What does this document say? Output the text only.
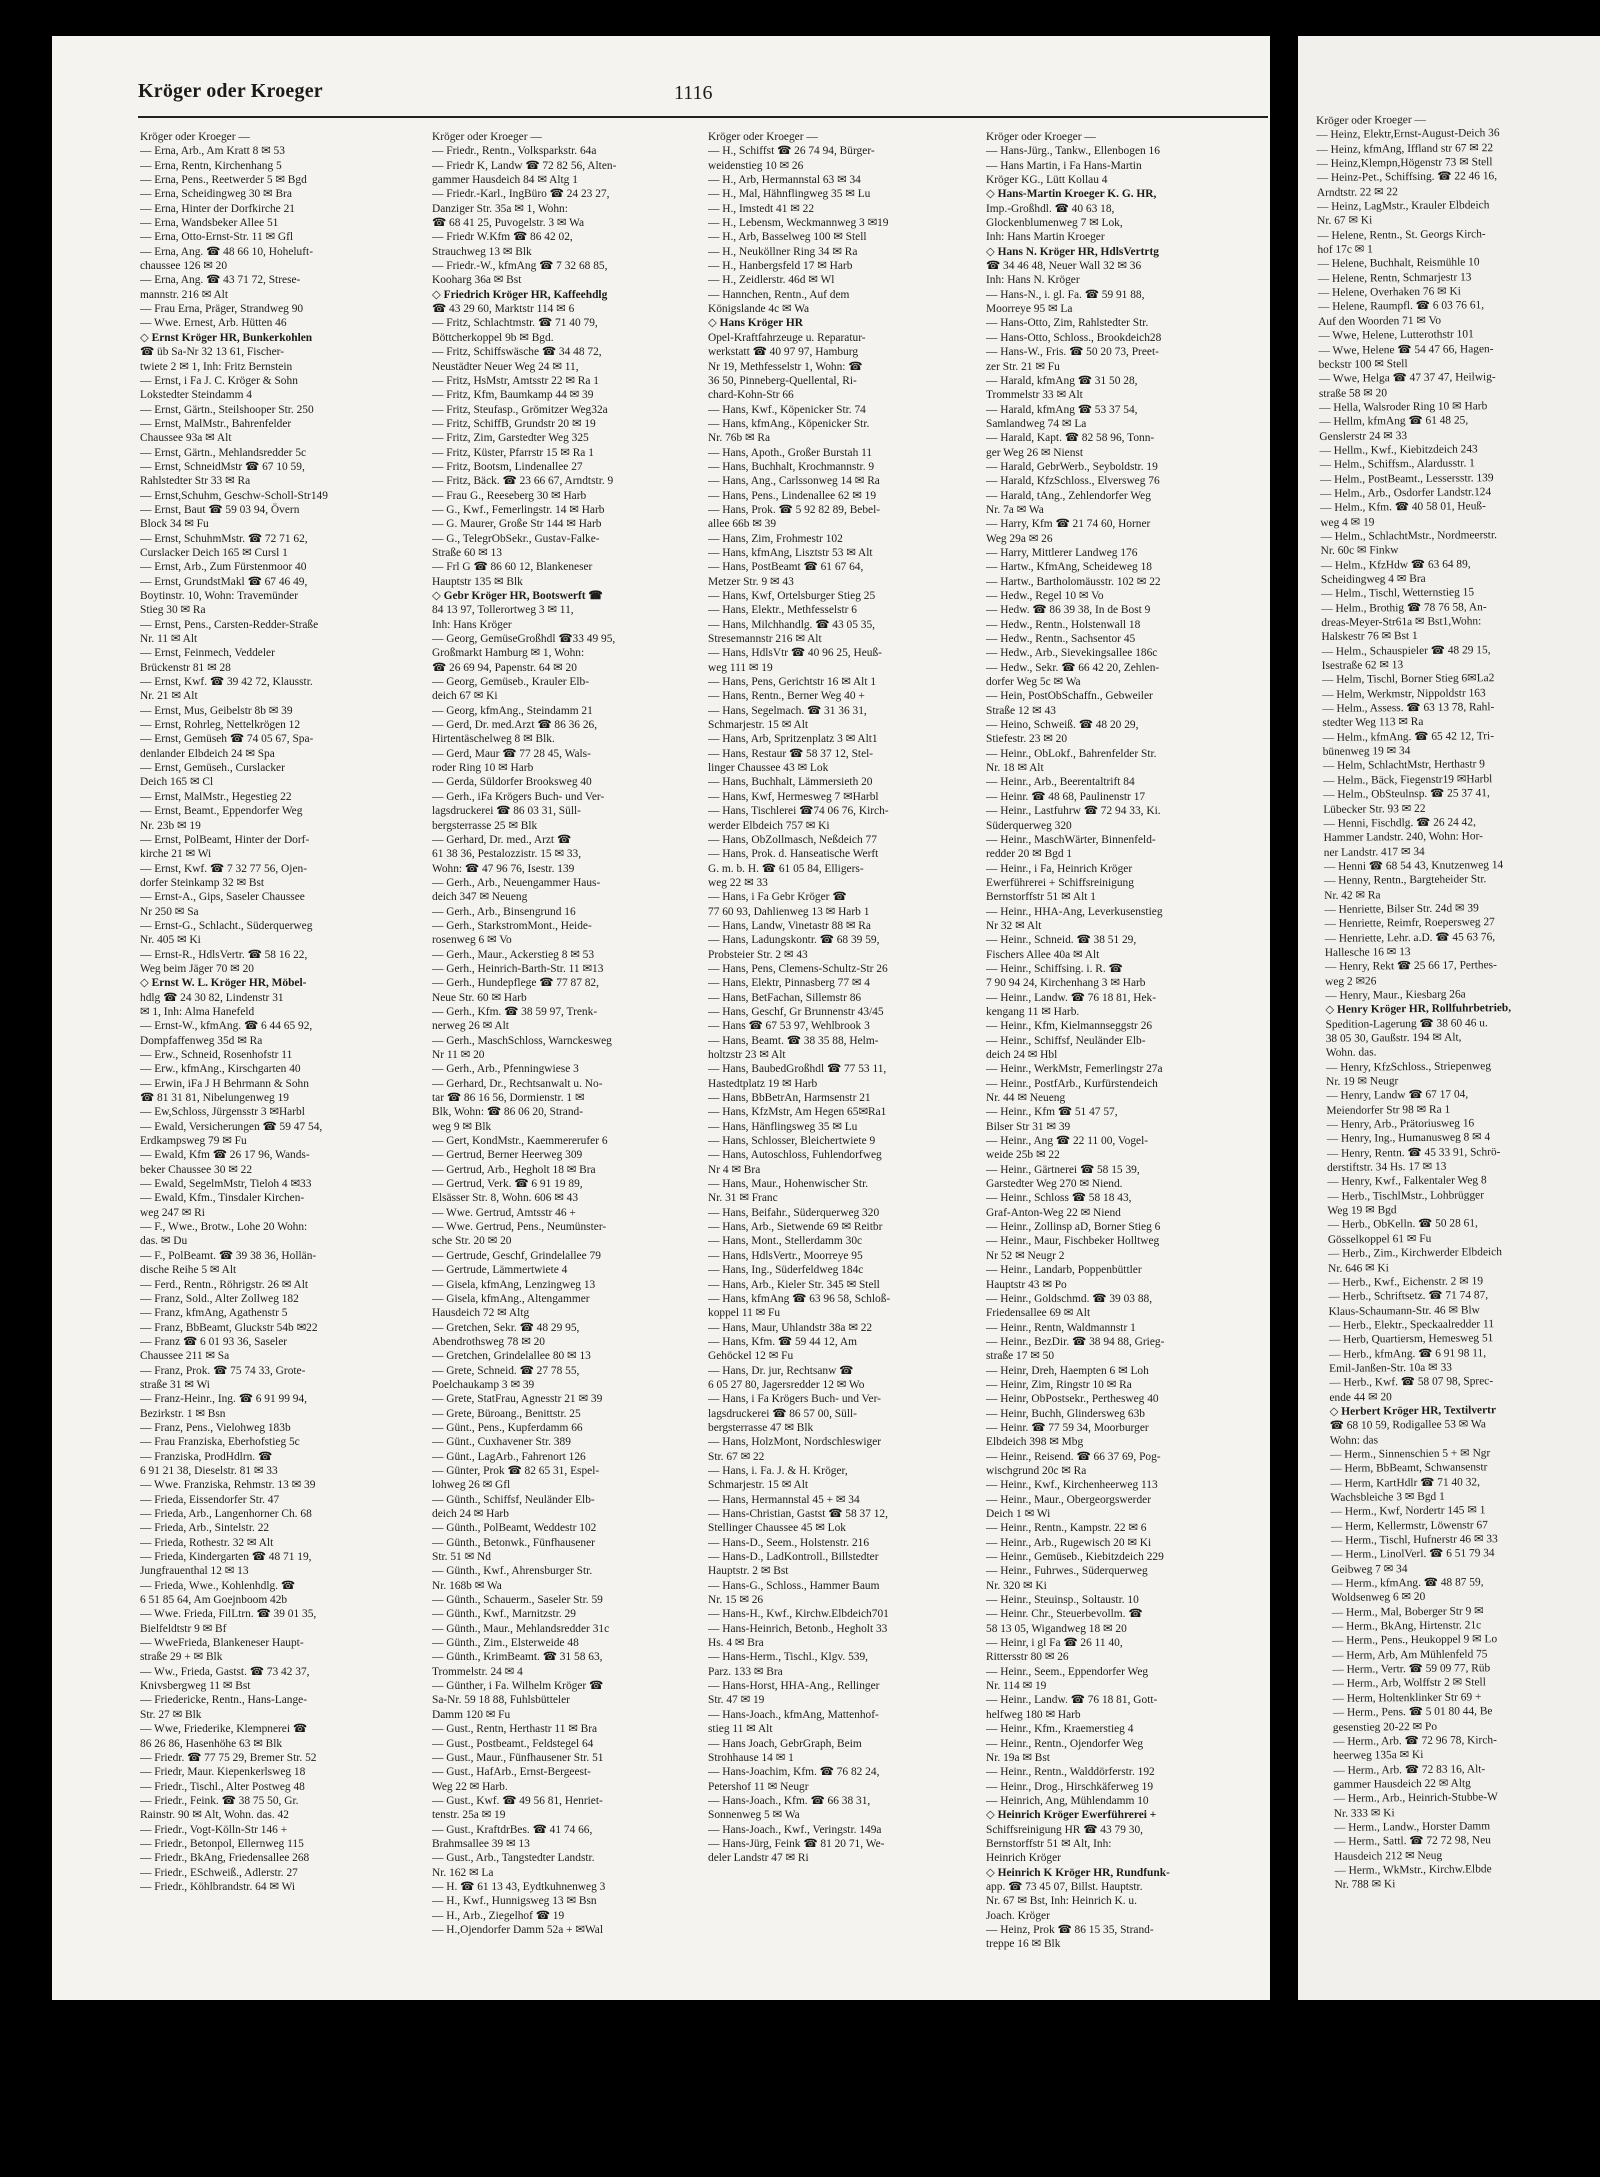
Kröger oder Kroeger	1116
Kröger oder Kroeger —
— Erna, Arb., Am Kratt 8 ✉ 53
— Erna, Rentn, Kirchenhang 5
— Erna, Pens., Reetwerder 5 ✉ Bgd
— Erna, Scheidingweg 30 ✉ Bra
— Erna, Hinter der Dorfkirche 21
— Erna, Wandsbeker Allee 51
— Erna, Otto-Ernst-Str. 11 ✉ Gfl
— Erna, Ang. ☎ 48 66 10, Hoheluft-
chaussee 126 ✉ 20
— Erna, Ang. ☎ 43 71 72, Strese-
mannstr. 216 ✉ Alt
— Frau Erna, Präger, Strandweg 90
— Wwe. Ernest, Arb. Hütten 46
◇ Ernst Kröger HR, Bunkerkohlen
☎ üb Sa-Nr 32 13 61, Fischer-
twiete 2 ✉ 1, Inh: Fritz Bernstein
— Ernst, i Fa J. C. Kröger & Sohn
Lokstedter Steindamm 4
— Ernst, Gärtn., Steilshooper Str. 250
— Ernst, MalMstr., Bahrenfelder
Chaussee 93a ✉ Alt
— Ernst, Gärtn., Mehlandsredder 5c
— Ernst, SchneidMstr ☎ 67 10 59,
Rahlstedter Str 33 ✉ Ra
— Ernst,Schuhm, Geschw-Scholl-Str149
— Ernst, Baut ☎ 59 03 94, Övern
Block 34 ✉ Fu
— Ernst, SchuhmMstr. ☎ 72 71 62,
Curslacker Deich 165 ✉ Cursl 1
— Ernst, Arb., Zum Fürstenmoor 40
— Ernst, GrundstMakl ☎ 67 46 49,
Boytinstr. 10, Wohn: Travemünder
Stieg 30 ✉ Ra
— Ernst, Pens., Carsten-Redder-Straße
Nr. 11 ✉ Alt
— Ernst, Feinmech, Veddeler
Brückenstr 81 ✉ 28
— Ernst, Kwf. ☎ 39 42 72, Klausstr.
Nr. 21 ✉ Alt
— Ernst, Mus, Geibelstr 8b ✉ 39
— Ernst, Rohrleg, Nettelkrögen 12
— Ernst, Gemüseh ☎ 74 05 67, Spa-
denlander Elbdeich 24 ✉ Spa
— Ernst, Gemüseh., Curslacker
Deich 165 ✉ Cl
— Ernst, MalMstr., Hegestieg 22
— Ernst, Beamt., Eppendorfer Weg
Nr. 23b ✉ 19
— Ernst, PolBeamt, Hinter der Dorf-
kirche 21 ✉ Wi
— Ernst, Kwf. ☎ 7 32 77 56, Ojen-
dorfer Steinkamp 32 ✉ Bst
— Ernst-A., Gips, Saseler Chaussee
Nr 250 ✉ Sa
— Ernst-G., Schlacht., Süderquerweg
Nr. 405 ✉ Ki
— Ernst-R., HdlsVertr. ☎ 58 16 22,
Weg beim Jäger 70 ✉ 20
◇ Ernst W. L. Kröger HR, Möbel-
hdlg ☎ 24 30 82, Lindenstr 31
✉ 1, Inh: Alma Hanefeld
— Ernst-W., kfmAng. ☎ 6 44 65 92,
Dompfaffenweg 35d ✉ Ra
— Erw., Schneid, Rosenhofstr 11
— Erw., kfmAng., Kirschgarten 40
— Erwin, iFa J H Behrmann & Sohn
☎ 81 31 81, Nibelungenweg 19
— Ew,Schloss, Jürgensstr 3 ✉Harbl
— Ewald, Versicherungen ☎ 59 47 54,
Erdkampsweg 79 ✉ Fu
— Ewald, Kfm ☎ 26 17 96, Wands-
beker Chaussee 30 ✉ 22
— Ewald, SegelmMstr, Tieloh 4 ✉33
— Ewald, Kfm., Tinsdaler Kirchen-
weg 247 ✉ Ri
— F., Wwe., Brotw., Lohe 20 Wohn:
das. ✉ Du
— F., PolBeamt. ☎ 39 38 36, Hollän-
dische Reihe 5 ✉ Alt
— Ferd., Rentn., Röhrigstr. 26 ✉ Alt
— Franz, Sold., Alter Zollweg 182
— Franz, kfmAng, Agathenstr 5
— Franz, BbBeamt, Gluckstr 54b ✉22
— Franz ☎ 6 01 93 36, Saseler
Chaussee 211 ✉ Sa
— Franz, Prok. ☎ 75 74 33, Grote-
straße 31 ✉ Wi
— Franz-Heinr., Ing. ☎ 6 91 99 94,
Bezirkstr. 1 ✉ Bsn
— Franz, Pens., Vielohweg 183b
— Frau Franziska, Eberhofstieg 5c
— Franziska, ProdHdlrn. ☎
6 91 21 38, Dieselstr. 81 ✉ 33
— Wwe. Franziska, Rehmstr. 13 ✉ 39
— Frieda, Eissendorfer Str. 47
— Frieda, Arb., Langenhorner Ch. 68
— Frieda, Arb., Sintelstr. 22
— Frieda, Rothestr. 32 ✉ Alt
— Frieda, Kindergarten ☎ 48 71 19,
Jungfrauenthal 12 ✉ 13
— Frieda, Wwe., Kohlenhdlg. ☎
6 51 85 64, Am Goejnboom 42b
— Wwe. Frieda, FilLtrn. ☎ 39 01 35,
Bielfeldtstr 9 ✉ Bf
— WweFrieda, Blankeneser Haupt-
straße 29 + ✉ Blk
— Ww., Frieda, Gastst. ☎ 73 42 37,
Knivsbergweg 11 ✉ Bst
— Friedericke, Rentn., Hans-Lange-
Str. 27 ✉ Blk
— Wwe, Friederike, Klempnerei ☎
86 26 86, Hasenhöhe 63 ✉ Blk
— Friedr. ☎ 77 75 29, Bremer Str. 52
— Friedr, Maur. Kiepenkerlsweg 18
— Friedr., Tischl., Alter Postweg 48
— Friedr., Feink. ☎ 38 75 50, Gr.
Rainstr. 90 ✉ Alt, Wohn. das. 42
— Friedr., Vogt-Kölln-Str 146 +
— Friedr., Betonpol, Ellernweg 115
— Friedr., BkAng, Friedensallee 268
— Friedr., ESchweiß., Adlerstr. 27
— Friedr., Köhlbrandstr. 64 ✉ Wi
Kröger oder Kroeger —
— Friedr., Rentn., Volksparkstr. 64a
— Friedr K, Landw ☎ 72 82 56, Alten-
gammer Hausdeich 84 ✉ Altg 1
— Friedr.-Karl., IngBüro ☎ 24 23 27,
Danziger Str. 35a ✉ 1, Wohn:
☎ 68 41 25, Puvogelstr. 3 ✉ Wa
— Friedr W.Kfm ☎ 86 42 02,
Strauchweg 13 ✉ Blk
— Friedr.-W., kfmAng ☎ 7 32 68 85,
Kooharg 36a ✉ Bst
◇ Friedrich Kröger HR, Kaffeehdlg
☎ 43 29 60, Marktstr 114 ✉ 6
— Fritz, Schlachtmstr. ☎ 71 40 79,
Böttcherkoppel 9b ✉ Bgd.
— Fritz, Schiffswäsche ☎ 34 48 72,
Neustädter Neuer Weg 24 ✉ 11,
— Fritz, HsMstr, Amtsstr 22 ✉ Ra 1
— Fritz, Kfm, Baumkamp 44 ✉ 39
— Fritz, Steufasp., Grömitzer Weg32a
— Fritz, SchiffB, Grundstr 20 ✉ 19
— Fritz, Zim, Garstedter Weg 325
— Fritz, Küster, Pfarrstr 15 ✉ Ra 1
— Fritz, Bootsm, Lindenallee 27
— Fritz, Bäck. ☎ 23 66 67, Arndtstr. 9
— Frau G., Reeseberg 30 ✉ Harb
— G., Kwf., Femerlingstr. 14 ✉ Harb
— G. Maurer, Große Str 144 ✉ Harb
— G., TelegrObSekr., Gustav-Falke-
Straße 60 ✉ 13
— Frl G ☎ 86 60 12, Blankeneser
Hauptstr 135 ✉ Blk
◇ Gebr Kröger HR, Bootswerft ☎
84 13 97, Tollerortweg 3 ✉ 11,
Inh: Hans Kröger
— Georg, GemüseGroßhdl ☎33 49 95,
Großmarkt Hamburg ✉ 1, Wohn:
☎ 26 69 94, Papenstr. 64 ✉ 20
— Georg, Gemüseb., Krauler Elb-
deich 67 ✉ Ki
— Georg, kfmAng., Steindamm 21
— Gerd, Dr. med.Arzt ☎ 86 36 26,
Hirtentäschelweg 8 ✉ Blk.
— Gerd, Maur ☎ 77 28 45, Wals-
roder Ring 10 ✉ Harb
— Gerda, Süldorfer Brooksweg 40
— Gerh., iFa Krögers Buch- und Ver-
lagsdruckerei ☎ 86 03 31, Süll-
bergsterrasse 25 ✉ Blk
— Gerhard, Dr. med., Arzt ☎
61 38 36, Pestalozzistr. 15 ✉ 33,
Wohn: ☎ 47 96 76, Isestr. 139
— Gerh., Arb., Neuengammer Haus-
deich 347 ✉ Neueng
— Gerh., Arb., Binsengrund 16
— Gerh., StarkstromMont., Heide-
rosenweg 6 ✉ Vo
— Gerh., Maur., Ackerstieg 8 ✉ 53
— Gerh., Heinrich-Barth-Str. 11 ✉13
— Gerh., Hundepflege ☎ 77 87 82,
Neue Str. 60 ✉ Harb
— Gerh., Kfm. ☎ 38 59 97, Trenk-
nerweg 26 ✉ Alt
— Gerh., MaschSchloss, Warnckesweg
Nr 11 ✉ 20
— Gerh., Arb., Pfenningwiese 3
— Gerhard, Dr., Rechtsanwalt u. No-
tar ☎ 86 16 56, Dormienstr. 1 ✉
Blk, Wohn: ☎ 86 06 20, Strand-
weg 9 ✉ Blk
— Gert, KondMstr., Kaemmererufer 6
— Gertrud, Berner Heerweg 309
— Gertrud, Arb., Hegholt 18 ✉ Bra
— Gertrud, Verk. ☎ 6 91 19 89,
Elsässer Str. 8, Wohn. 606 ✉ 43
— Wwe. Gertrud, Amtsstr 46 +
— Wwe. Gertrud, Pens., Neumünster-
sche Str. 20 ✉ 20
— Gertrude, Geschf, Grindelallee 79
— Gertrude, Lämmertwiete 4
— Gisela, kfmAng, Lenzingweg 13
— Gisela, kfmAng., Altengammer
Hausdeich 72 ✉ Altg
— Gretchen, Sekr. ☎ 48 29 95,
Abendrothsweg 78 ✉ 20
— Gretchen, Grindelallee 80 ✉ 13
— Grete, Schneid. ☎ 27 78 55,
Poelchaukamp 3 ✉ 39
— Grete, StatFrau, Agnesstr 21 ✉ 39
— Grete, Büroang., Benittstr. 25
— Günt., Pens., Kupferdamm 66
— Günt., Cuxhavener Str. 389
— Günt., LagArb., Fahrenort 126
— Günter, Prok ☎ 82 65 31, Espel-
lohweg 26 ✉ Gfl
— Günth., Schiffsf, Neuländer Elb-
deich 24 ✉ Harb
— Günth., PolBeamt, Weddestr 102
— Günth., Betonwk., Fünfhausener
Str. 51 ✉ Nd
— Günth., Kwf., Ahrensburger Str.
Nr. 168b ✉ Wa
— Günth., Schauerm., Saseler Str. 59
— Günth., Kwf., Marnitzstr. 29
— Günth., Maur., Mehlandsredder 31c
— Günth., Zim., Elsterweide 48
— Günth., KrimBeamt. ☎ 31 58 63,
Trommelstr. 24 ✉ 4
— Günther, i Fa. Wilhelm Kröger ☎
Sa-Nr. 59 18 88, Fuhlsbütteler
Damm 120 ✉ Fu
— Gust., Rentn, Herthastr 11 ✉ Bra
— Gust., Postbeamt., Feldstegel 64
— Gust., Maur., Fünfhausener Str. 51
— Gust., HafArb., Ernst-Bergeest-
Weg 22 ✉ Harb.
— Gust., Kwf. ☎ 49 56 81, Henriet-
tenstr. 25a ✉ 19
— Gust., KraftdrBes. ☎ 41 74 66,
Brahmsallee 39 ✉ 13
— Gust., Arb., Tangstedter Landstr.
Nr. 162 ✉ La
— H. ☎ 61 13 43, Eydtkuhnenweg 3
— H., Kwf., Hunnigsweg 13 ✉ Bsn
— H., Arb., Ziegelhof ☎ 19
— H.,Ojendorfer Damm 52a + ✉Wal
Kröger oder Kroeger —
— H., Schiffst ☎ 26 74 94, Bürger-
weidenstieg 10 ✉ 26
— H., Arb, Hermannstal 63 ✉ 34
— H., Mal, Hähnflingweg 35 ✉ Lu
— H., Imstedt 41 ✉ 22
— H., Lebensm, Weckmannweg 3 ✉19
— H., Arb, Basselweg 100 ✉ Stell
— H., Neuköllner Ring 34 ✉ Ra
— H., Hanbergsfeld 17 ✉ Harb
— H., Zeidlerstr. 46d ✉ Wl
— Hannchen, Rentn., Auf dem
Königslande 4c ✉ Wa
◇ Hans Kröger HR
Opel-Kraftfahrzeuge u. Reparatur-
werkstatt ☎ 40 97 97, Hamburg
Nr 19, Methfesselstr 1, Wohn: ☎
36 50, Pinneberg-Quellental, Ri-
chard-Kohn-Str 66
— Hans, Kwf., Köpenicker Str. 74
— Hans, kfmAng., Köpenicker Str.
Nr. 76b ✉ Ra
— Hans, Apoth., Großer Burstah 11
— Hans, Buchhalt, Krochmannstr. 9
— Hans, Ang., Carlssonweg 14 ✉ Ra
— Hans, Pens., Lindenallee 62 ✉ 19
— Hans, Prok. ☎ 5 92 82 89, Bebel-
allee 66b ✉ 39
— Hans, Zim, Frohmestr 102
— Hans, kfmAng, Lisztstr 53 ✉ Alt
— Hans, PostBeamt ☎ 61 67 64,
Metzer Str. 9 ✉ 43
— Hans, Kwf, Ortelsburger Stieg 25
— Hans, Elektr., Methfesselstr 6
— Hans, Milchhandlg. ☎ 43 05 35,
Stresemannstr 216 ✉ Alt
— Hans, HdlsVtr ☎ 40 96 25, Heuß-
weg 111 ✉ 19
— Hans, Pens, Gerichtstr 16 ✉ Alt 1
— Hans, Rentn., Berner Weg 40 +
— Hans, Segelmach. ☎ 31 36 31,
Schmarjestr. 15 ✉ Alt
— Hans, Arb, Spritzenplatz 3 ✉ Alt1
— Hans, Restaur ☎ 58 37 12, Stel-
linger Chaussee 43 ✉ Lok
— Hans, Buchhalt, Lämmersieth 20
— Hans, Kwf, Hermesweg 7 ✉Harbl
— Hans, Tischlerei ☎74 06 76, Kirch-
werder Elbdeich 757 ✉ Ki
— Hans, ObZollmasch, Neßdeich 77
— Hans, Prok. d. Hanseatische Werft
G. m. b. H. ☎ 61 05 84, Elligers-
weg 22 ✉ 33
— Hans, i Fa Gebr Kröger ☎
77 60 93, Dahlienweg 13 ✉ Harb 1
— Hans, Landw, Vinetastr 88 ✉ Ra
— Hans, Ladungskontr. ☎ 68 39 59,
Probsteier Str. 2 ✉ 43
— Hans, Pens, Clemens-Schultz-Str 26
— Hans, Elektr, Pinnasberg 77 ✉ 4
— Hans, BetFachan, Sillemstr 86
— Hans, Geschf, Gr Brunnenstr 43/45
— Hans ☎ 67 53 97, Wehlbrook 3
— Hans, Beamt. ☎ 38 35 88, Helm-
holtzstr 23 ✉ Alt
— Hans, BaubedGroßhdl ☎ 77 53 11,
Hastedtplatz 19 ✉ Harb
— Hans, BbBetrAn, Harmsenstr 21
— Hans, KfzMstr, Am Hegen 65✉Ra1
— Hans, Hänflingsweg 35 ✉ Lu
— Hans, Schlosser, Bleichertwiete 9
— Hans, Autoschloss, Fuhlendorfweg
Nr 4 ✉ Bra
— Hans, Maur., Hohenwischer Str.
Nr. 31 ✉ Franc
— Hans, Beifahr., Süderquerweg 320
— Hans, Arb., Sietwende 69 ✉ Reitbr
— Hans, Mont., Stellerdamm 30c
— Hans, HdlsVertr., Moorreye 95
— Hans, Ing., Süderfeldweg 184c
— Hans, Arb., Kieler Str. 345 ✉ Stell
— Hans, kfmAng ☎ 63 96 58, Schloß-
koppel 11 ✉ Fu
— Hans, Maur, Uhlandstr 38a ✉ 22
— Hans, Kfm. ☎ 59 44 12, Am
Gehöckel 12 ✉ Fu
— Hans, Dr. jur, Rechtsanw ☎
6 05 27 80, Jagersredder 12 ✉ Wo
— Hans, i Fa Krögers Buch- und Ver-
lagsdruckerei ☎ 86 57 00, Süll-
bergsterrasse 47 ✉ Blk
— Hans, HolzMont, Nordschleswiger
Str. 67 ✉ 22
— Hans, i. Fa. J. & H. Kröger,
Schmarjestr. 15 ✉ Alt
— Hans, Hermannstal 45 + ✉ 34
— Hans-Christian, Gastst ☎ 58 37 12,
Stellinger Chaussee 45 ✉ Lok
— Hans-D., Seem., Holstenstr. 216
— Hans-D., LadKontroll., Billstedter
Hauptstr. 2 ✉ Bst
— Hans-G., Schloss., Hammer Baum
Nr. 15 ✉ 26
— Hans-H., Kwf., Kirchw.Elbdeich701
— Hans-Heinrich, Betonb., Hegholt 33
Hs. 4 ✉ Bra
— Hans-Herm., Tischl., Klgv. 539,
Parz. 133 ✉ Bra
— Hans-Horst, HHA-Ang., Rellinger
Str. 47 ✉ 19
— Hans-Joach., kfmAng, Mattenhof-
stieg 11 ✉ Alt
— Hans Joach, GebrGraph, Beim
Strohhause 14 ✉ 1
— Hans-Joachim, Kfm. ☎ 76 82 24,
Petershof 11 ✉ Neugr
— Hans-Joach., Kfm. ☎ 66 38 31,
Sonnenweg 5 ✉ Wa
— Hans-Joach., Kwf., Veringstr. 149a
— Hans-Jürg, Feink ☎ 81 20 71, We-
deler Landstr 47 ✉ Ri
Kröger oder Kroeger —
— Hans-Jürg., Tankw., Ellenbogen 16
— Hans Martin, i Fa Hans-Martin
Kröger KG., Lütt Kollau 4
◇ Hans-Martin Kroeger K. G. HR,
Imp.-Großhdl. ☎ 40 63 18,
Glockenblumenweg 7 ✉ Lok,
Inh: Hans Martin Kroeger
◇ Hans N. Kröger HR, HdlsVertrtg
☎ 34 46 48, Neuer Wall 32 ✉ 36
Inh: Hans N. Kröger
— Hans-N., i. gl. Fa. ☎ 59 91 88,
Moorreye 95 ✉ La
— Hans-Otto, Zim, Rahlstedter Str.
— Hans-Otto, Schloss., Brookdeich28
— Hans-W., Fris. ☎ 50 20 73, Preet-
zer Str. 21 ✉ Fu
— Harald, kfmAng ☎ 31 50 28,
Trommelstr 33 ✉ Alt
— Harald, kfmAng ☎ 53 37 54,
Samlandweg 74 ✉ La
— Harald, Kapt. ☎ 82 58 96, Tonn-
ger Weg 26 ✉ Nienst
— Harald, GebrWerb., Seyboldstr. 19
— Harald, KfzSchloss., Elversweg 76
— Harald, tAng., Zehlendorfer Weg
Nr. 7a ✉ Wa
— Harry, Kfm ☎ 21 74 60, Horner
Weg 29a ✉ 26
— Harry, Mittlerer Landweg 176
— Hartw., KfmAng, Scheideweg 18
— Hartw., Bartholomäusstr. 102 ✉ 22
— Hedw., Regel 10 ✉ Vo
— Hedw. ☎ 86 39 38, In de Bost 9
— Hedw., Rentn., Holstenwall 18
— Hedw., Rentn., Sachsentor 45
— Hedw., Arb., Sievekingsallee 186c
— Hedw., Sekr. ☎ 66 42 20, Zehlen-
dorfer Weg 5c ✉ Wa
— Hein, PostObSchaffn., Gebweiler
Straße 12 ✉ 43
— Heino, Schweiß. ☎ 48 20 29,
Stiefestr. 23 ✉ 20
— Heinr., ObLokf., Bahrenfelder Str.
Nr. 18 ✉ Alt
— Heinr., Arb., Beerentaltrift 84
— Heinr. ☎ 48 68, Paulinenstr 17
— Heinr., Lastfuhrw ☎ 72 94 33, Ki.
Süderquerweg 320
— Heinr., MaschWärter, Binnenfeld-
redder 20 ✉ Bgd 1
— Heinr., i Fa, Heinrich Kröger
Ewerführerei + Schiffsreinigung
Bernstorffstr 51 ✉ Alt 1
— Heinr., HHA-Ang, Leverkusenstieg
Nr 32 ✉ Alt
— Heinr., Schneid. ☎ 38 51 29,
Fischers Allee 40a ✉ Alt
— Heinr., Schiffsing. i. R. ☎
7 90 94 24, Kirchenhang 3 ✉ Harb
— Heinr., Landw. ☎ 76 18 81, Hek-
kengang 11 ✉ Harb.
— Heinr., Kfm, Kielmannseggstr 26
— Heinr., Schiffsf, Neuländer Elb-
deich 24 ✉ Hbl
— Heinr., WerkMstr, Femerlingstr 27a
— Heinr., PostfArb., Kurfürstendeich
Nr. 44 ✉ Neueng
— Heinr., Kfm ☎ 51 47 57,
Bilser Str 31 ✉ 39
— Heinr., Ang ☎ 22 11 00, Vogel-
weide 25b ✉ 22
— Heinr., Gärtnerei ☎ 58 15 39,
Garstedter Weg 270 ✉ Niend.
— Heinr., Schloss ☎ 58 18 43,
Graf-Anton-Weg 22 ✉ Niend
— Heinr., Zollinsp aD, Borner Stieg 6
— Heinr., Maur, Fischbeker Holltweg
Nr 52 ✉ Neugr 2
— Heinr., Landarb, Poppenbüttler
Hauptstr 43 ✉ Po
— Heinr., Goldschmd. ☎ 39 03 88,
Friedensallee 69 ✉ Alt
— Heinr., Rentn, Waldmannstr 1
— Heinr., BezDir. ☎ 38 94 88, Grieg-
straße 17 ✉ 50
— Heinr, Dreh, Haempten 6 ✉ Loh
— Heinr, Zim, Ringstr 10 ✉ Ra
— Heinr, ObPostsekr., Perthesweg 40
— Heinr, Buchh, Glindersweg 63b
— Heinr. ☎ 77 59 34, Moorburger
Elbdeich 398 ✉ Mbg
— Heinr., Reisend. ☎ 66 37 69, Pog-
wischgrund 20c ✉ Ra
— Heinr., Kwf., Kirchenheerweg 113
— Heinr., Maur., Obergeorgswerder
Deich 1 ✉ Wi
— Heinr., Rentn., Kampstr. 22 ✉ 6
— Heinr., Arb., Rugewisch 20 ✉ Ki
— Heinr., Gemüseb., Kiebitzdeich 229
— Heinr., Fuhrwes., Süderquerweg
Nr. 320 ✉ Ki
— Heinr., Steuinsp., Soltaustr. 10
— Heinr. Chr., Steuerbevollm. ☎
58 13 05, Wigandweg 18 ✉ 20
— Heinr, i gl Fa ☎ 26 11 40,
Rittersstr 80 ✉ 26
— Heinr., Seem., Eppendorfer Weg
Nr. 114 ✉ 19
— Heinr., Landw. ☎ 76 18 81, Gott-
helfweg 180 ✉ Harb
— Heinr., Kfm., Kraemerstieg 4
— Heinr., Rentn., Ojendorfer Weg
Nr. 19a ✉ Bst
— Heinr., Rentn., Walddörferstr. 192
— Heinr., Drog., Hirschkäferweg 19
— Heinrich, Ang, Mühlendamm 10
◇ Heinrich Kröger Ewerführerei +
Schiffsreinigung HR ☎ 43 79 30,
Bernstorffstr 51 ✉ Alt, Inh:
Heinrich Kröger
◇ Heinrich K Kröger HR, Rundfunk-
app. ☎ 73 45 07, Billst. Hauptstr.
Nr. 67 ✉ Bst, Inh: Heinrich K. u.
Joach. Kröger
— Heinz, Prok ☎ 86 15 35, Strand-
treppe 16 ✉ Blk
Kröger oder Kroeger —
— Heinz, Elektr,Ernst-August-Deich 36
— Heinz, kfmAng, Iffland str 67 ✉ 22
— Heinz,Klempn,Högenstr 73 ✉ Stell
— Heinz-Pet., Schiffsing. ☎ 22 46 16,
Arndtstr. 22 ✉ 22
— Heinz, LagMstr., Krauler Elbdeich
Nr. 67 ✉ Ki
— Helene, Rentn., St. Georgs Kirch-
hof 17c ✉ 1
— Helene, Buchhalt, Reismühle 10
— Helene, Rentn, Schmarjestr 13
— Helene, Overhaken 76 ✉ Ki
— Helene, Raumpfl. ☎ 6 03 76 61,
Auf den Woorden 71 ✉ Vo
— Wwe, Helene, Lutterothstr 101
— Wwe, Helene ☎ 54 47 66, Hagen-
beckstr 100 ✉ Stell
— Wwe, Helga ☎ 47 37 47, Heilwig-
straße 58 ✉ 20
— Hella, Walsroder Ring 10 ✉ Harb
— Hellm, kfmAng ☎ 61 48 25,
Genslerstr 24 ✉ 33
— Hellm., Kwf., Kiebitzdeich 243
— Helm., Schiffsm., Alardusstr. 1
— Helm., PostBeamt., Lessersstr. 139
— Helm., Arb., Osdorfer Landstr.124
— Helm., Kfm. ☎ 40 58 01, Heuß-
weg 4 ✉ 19
— Helm., SchlachtMstr., Nordmeerstr.
Nr. 60c ✉ Finkw
— Helm., KfzHdw ☎ 63 64 89,
Scheidingweg 4 ✉ Bra
— Helm., Tischl, Wetternstieg 15
— Helm., Brothig ☎ 78 76 58, An-
dreas-Meyer-Str61a ✉ Bst1,Wohn:
Halskestr 76 ✉ Bst 1
— Helm., Schauspieler ☎ 48 29 15,
Isestraße 62 ✉ 13
— Helm, Tischl, Borner Stieg 6✉La2
— Helm, Werkmstr, Nippoldstr 163
— Helm., Assess. ☎ 63 13 78, Rahl-
stedter Weg 113 ✉ Ra
— Helm., kfmAng. ☎ 65 42 12, Tri-
bünenweg 19 ✉ 34
— Helm, SchlachtMstr, Herthastr 9
— Helm., Bäck, Fiegenstr19 ✉Harbl
— Helm., ObSteulnsp. ☎ 25 37 41,
Lübecker Str. 93 ✉ 22
— Henni, Fischdlg. ☎ 26 24 42,
Hammer Landstr. 240, Wohn: Hor-
ner Landstr. 417 ✉ 34
— Henni ☎ 68 54 43, Knutzenweg 14
— Henny, Rentn., Bargteheider Str.
Nr. 42 ✉ Ra
— Henriette, Bilser Str. 24d ✉ 39
— Henriette, Reimfr, Roepersweg 27
— Henriette, Lehr. a.D. ☎ 45 63 76,
Hallesche 16 ✉ 13
— Henry, Rekt ☎ 25 66 17, Perthes-
weg 2 ✉26
— Henry, Maur., Kiesbarg 26a
◇ Henry Kröger HR, Rollfuhrbetrieb,
Spedition-Lagerung ☎ 38 60 46 u.
38 05 30, Gaußstr. 194 ✉ Alt,
Wohn. das.
— Henry, KfzSchloss., Striepenweg
Nr. 19 ✉ Neugr
— Henry, Landw ☎ 67 17 04,
Meiendorfer Str 98 ✉ Ra 1
— Henry, Arb., Prätoriusweg 16
— Henry, Ing., Humanusweg 8 ✉ 4
— Henry, Rentn. ☎ 45 33 91, Schrö-
derstiftstr. 34 Hs. 17 ✉ 13
— Henry, Kwf., Falkentaler Weg 8
— Herb., TischlMstr., Lohbrügger
Weg 19 ✉ Bgd
— Herb., ObKelln. ☎ 50 28 61,
Gösselkoppel 61 ✉ Fu
— Herb., Zim., Kirchwerder Elbdeich
Nr. 646 ✉ Ki
— Herb., Kwf., Eichenstr. 2 ✉ 19
— Herb., Schriftsetz. ☎ 71 74 87,
Klaus-Schaumann-Str. 46 ✉ Blw
— Herb., Elektr., Speckaalredder 11
— Herb, Quartiersm, Hemesweg 51
— Herb., kfmAng. ☎ 6 91 98 11,
Emil-Janßen-Str. 10a ✉ 33
— Herb., Kwf. ☎ 58 07 98, Sprec-
ende 44 ✉ 20
◇ Herbert Kröger HR, Textilvertr
☎ 68 10 59, Rodigallee 53 ✉ Wa
Wohn: das
— Herm., Sinnenschien 5 + ✉ Ngr
— Herm, BbBeamt, Schwansenstr
— Herm, KartHdlr ☎ 71 40 32,
Wachsbleiche 3 ✉ Bgd 1
— Herm., Kwf, Nordertr 145 ✉ 1
— Herm, Kellermstr, Löwenstr 67
— Herm., Tischl, Hufnerstr 46 ✉ 33
— Herm., LinolVerl. ☎ 6 51 79 34
Geibweg 7 ✉ 34
— Herm., kfmAng. ☎ 48 87 59,
Woldsenweg 6 ✉ 20
— Herm., Mal, Boberger Str 9 ✉
— Herm., BkAng, Hirtenstr. 21c
— Herm., Pens., Heukoppel 9 ✉ Lo
— Herm, Arb, Am Mühlenfeld 75
— Herm., Vertr. ☎ 59 09 77, Rüb
— Herm., Arb, Wolffstr 2 ✉ Stell
— Herm, Holtenklinker Str 69 +
— Herm., Pens. ☎ 5 01 80 44, Be
gesenstieg 20-22 ✉ Po
— Herm., Arb. ☎ 72 96 78, Kirch-
heerweg 135a ✉ Ki
— Herm., Arb. ☎ 72 83 16, Alt-
gammer Hausdeich 22 ✉ Altg
— Herm., Arb., Heinrich-Stubbe-W
Nr. 333 ✉ Ki
— Herm., Landw., Horster Damm
— Herm., Sattl. ☎ 72 72 98, Neu
Hausdeich 212 ✉ Neug
— Herm., WkMstr., Kirchw.Elbde
Nr. 788 ✉ Ki
